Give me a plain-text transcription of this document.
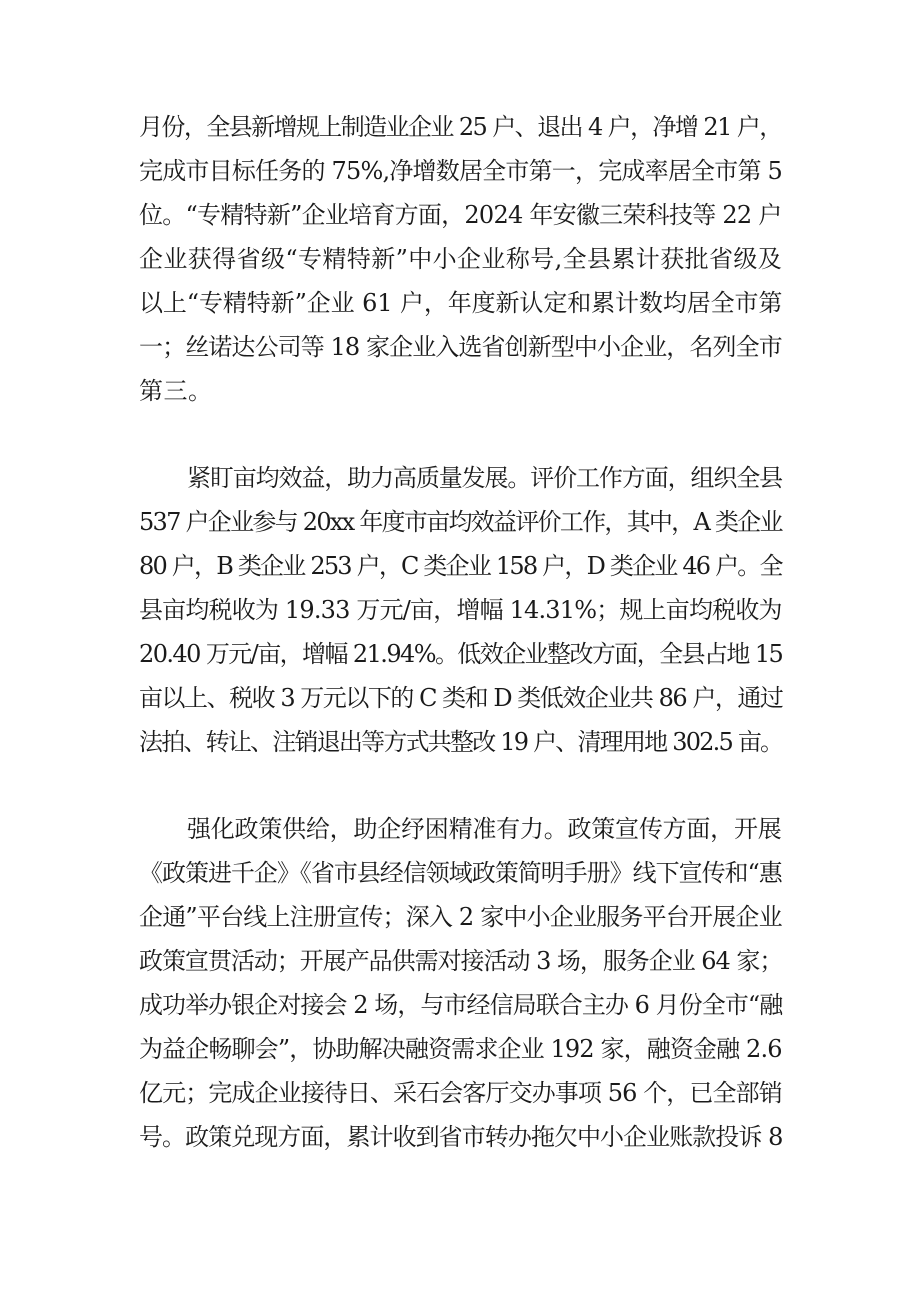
月份，全县新增规上制造业企业 25 户、退出 4 户，净增 21 户，
完成市目标任务的 75%,净增数居全市第一，完成率居全市第 5
位。“专精特新”企业培育方面，2024 年安徽三荣科技等 22 户
企业获得省级“专精特新”中小企业称号,全县累计获批省级及
以上“专精特新”企业 61 户，年度新认定和累计数均居全市第
一；丝诺达公司等 18 家企业入选省创新型中小企业，名列全市
第三。
紧盯亩均效益，助力高质量发展。评价工作方面，组织全县
537 户企业参与 20xx 年度市亩均效益评价工作，其中，A 类企业
80 户，B 类企业 253 户，C 类企业 158 户，D 类企业 46 户。全
县亩均税收为 19.33 万元/亩，增幅 14.31%；规上亩均税收为
20.40 万元/亩，增幅 21.94%。低效企业整改方面，全县占地 15
亩以上、税收 3 万元以下的 C 类和 D 类低效企业共 86 户，通过
法拍、转让、注销退出等方式共整改 19 户、清理用地 302.5 亩。
强化政策供给，助企纾困精准有力。政策宣传方面，开展
《政策进千企》《省市县经信领域政策简明手册》线下宣传和“惠
企通”平台线上注册宣传；深入 2 家中小企业服务平台开展企业
政策宣贯活动；开展产品供需对接活动 3 场，服务企业 64 家；
成功举办银企对接会 2 场，与市经信局联合主办 6 月份全市“融
为益企畅聊会”，协助解决融资需求企业 192 家，融资金融 2.6
亿元；完成企业接待日、采石会客厅交办事项 56 个，已全部销
号。政策兑现方面，累计收到省市转办拖欠中小企业账款投诉 8
